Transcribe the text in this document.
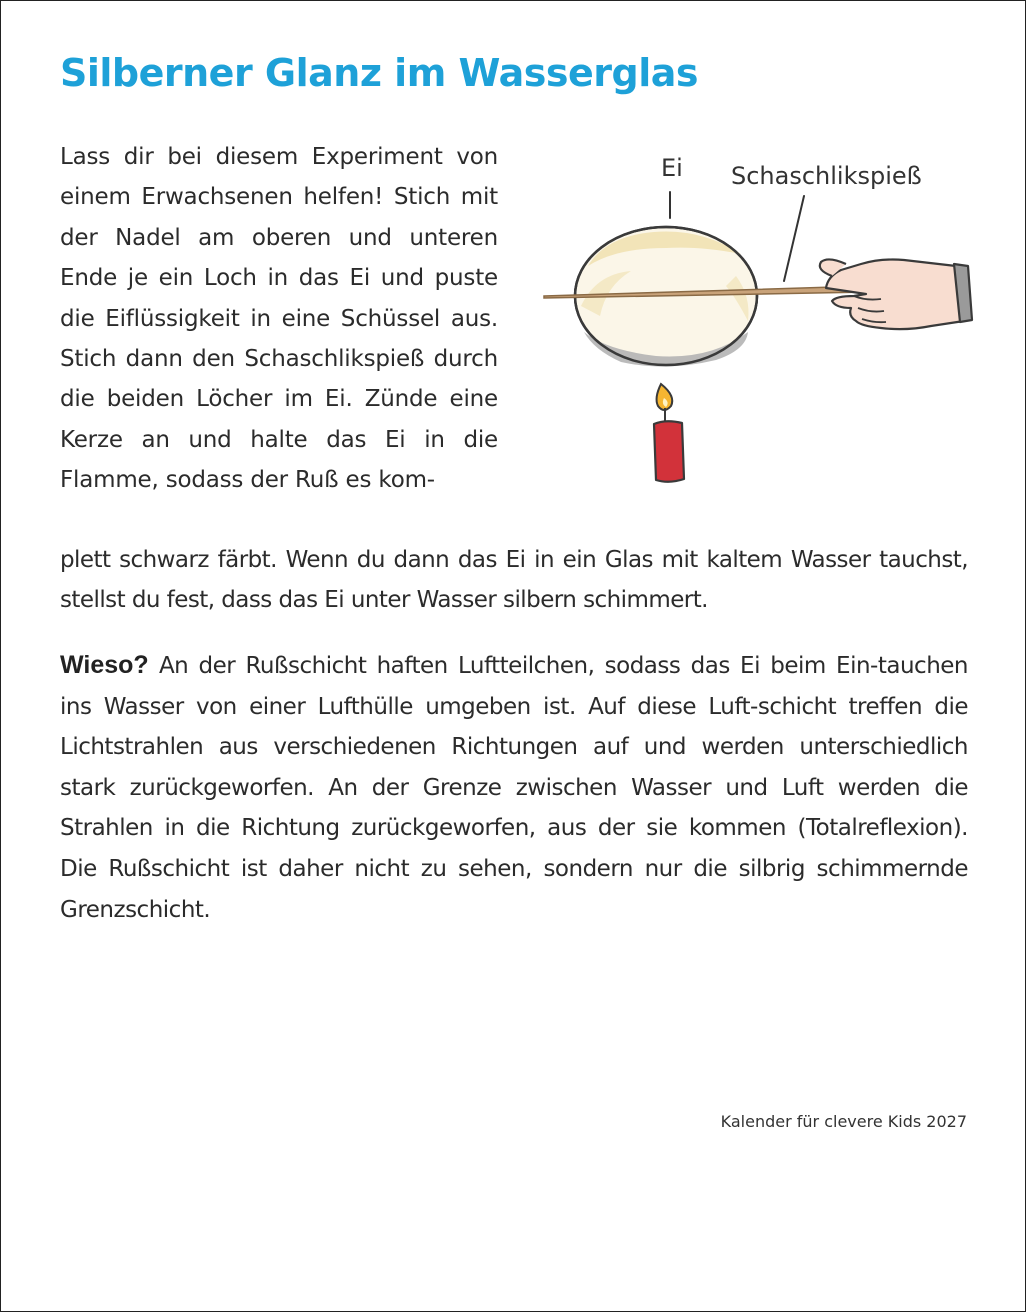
Silberner Glanz im Wasserglas

Lass dir bei diesem Experiment von einem Erwachsenen helfen! Stich mit der Nadel am oberen und unteren Ende je ein Loch in das Ei und puste die Eiflüssigkeit in eine Schüssel aus. Stich dann den Schaschlikspieß durch die beiden Löcher im Ei. Zünde eine Kerze an und halte das Ei in die Flamme, sodass der Ruß es kom-

Ei Schaschlikspieß

plett schwarz färbt. Wenn du dann das Ei in ein Glas mit kaltem Wasser tauchst, stellst du fest, dass das Ei unter Wasser silbern schimmert.

Wieso? An der Rußschicht haften Luftteilchen, sodass das Ei beim Ein-tauchen ins Wasser von einer Lufthülle umgeben ist. Auf diese Luft-schicht treffen die Lichtstrahlen aus verschiedenen Richtungen auf und werden unterschiedlich stark zurückgeworfen. An der Grenze zwischen Wasser und Luft werden die Strahlen in die Richtung zurückgeworfen, aus der sie kommen (Totalreflexion). Die Rußschicht ist daher nicht zu sehen, sondern nur die silbrig schimmernde Grenzschicht.

Kalender für clevere Kids 2027
